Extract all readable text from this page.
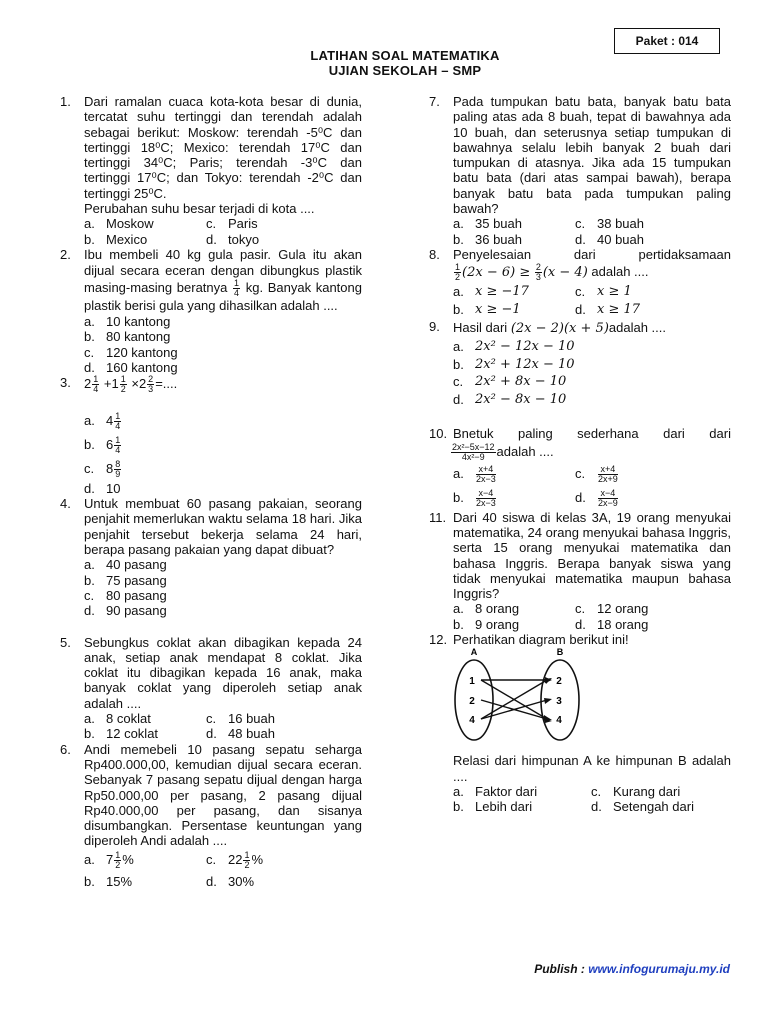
Paket : 014
LATIHAN SOAL MATEMATIKA
UJIAN SEKOLAH – SMP
1.	Dari ramalan cuaca kota-kota besar di dunia, tercatat suhu tertinggi dan terendah adalah sebagai berikut: Moskow: terendah -5⁰C dan tertinggi 18⁰C; Mexico: terendah 17⁰C dan tertinggi 34⁰C; Paris; terendah -3⁰C dan tertinggi 17⁰C; dan Tokyo: terendah -2⁰C dan tertinggi 25⁰C.

Perubahan suhu besar terjadi di kota ....

a. Moskow	c. Paris
b. Mexico	d. tokyo
2.	Ibu membeli 40 kg gula pasir. Gula itu akan dijual secara eceran dengan dibungkus plastik masing-masing beratnya $\frac{1}{4}$ kg. Banyak kantong plastik berisi gula yang dihasilkan adalah ....

a. 10 kantong
b. 80 kantong
c. 120 kantong
d. 160 kantong
3.	$2 \frac{1}{4} +1 \frac{1}{2} \times 2 \frac{2}{3}$ =....

a. $4 \frac{1}{4}$
b. $6 \frac{1}{4}$
c. $8 \frac{8}{9}$
d. 10
4.	Untuk membuat 60 pasang pakaian, seorang penjahit memerlukan waktu selama 18 hari. Jika penjahit tersebut bekerja selama 24 hari, berapa pasang pakaian yang dapat dibuat?

a. 40 pasang
b. 75 pasang
c. 80 pasang
d. 90 pasang
5.	Sebungkus coklat akan dibagikan kepada 24 anak, setiap anak mendapat 8 coklat. Jika coklat itu dibagikan kepada 16 anak, maka banyak coklat yang diperoleh setiap anak adalah ....

a. 8 coklat	c. 16 buah
b. 12 coklat	d. 48 buah
6.	Andi memebeli 10 pasang sepatu seharga Rp400.000,00, kemudian dijual secara eceran. Sebanyak 7 pasang sepatu dijual dengan harga Rp50.000,00 per pasang, 2 pasang dijual Rp40.000,00 per pasang, dan sisanya disumbangkan. Persentase keuntungan yang diperoleh Andi adalah ....

a. $7 \frac{1}{2}$ %	c. $22 \frac{1}{2}$ %
b. 15%	d. 30%
7.	Pada tumpukan batu bata, banyak batu bata paling atas ada 8 buah, tepat di bawahnya ada 10 buah, dan seterusnya setiap tumpukan di bawahnya selalu lebih banyak 2 buah dari tumpukan di atasnya. Jika ada 15 tumpukan batu bata (dari atas sampai bawah), berapa banyak batu bata pada tumpukan paling bawah?

a. 35 buah	c. 38 buah
b. 36 buah	d. 40 buah
8.	Penyelesaian dari pertidaksamaan

$\frac{1}{2} (2x - 6) \ge \frac{2}{3} (x - 4)$ adalah ....

a. x ≥ −17	c. x ≥ 1
b. x ≥ −1	d. x ≥ 17
9.	Hasil dari (2x − 2)(x + 5)adalah ....

a. 2x² − 12x − 10
b. 2x² + 12x − 10
c. 2x² + 8x − 10
d. 2x² − 8x − 10
10. Bnetuk paling sederhana dari dari

$\frac{\text{2x²−5x−12}}{\text{4x²−9}}$ adalah ....

a.	$\frac{x+4}{2x-3}$	c.	$\frac{x+4}{2x+9}$
b.	$\frac{x-4}{2x-3}$	d.	$\frac{x-4}{2x-9}$
11. Dari 40 siswa di kelas 3A, 19 orang menyukai matematika, 24 orang menyukai bahasa Inggris, serta 15 orang menyukai matematika dan bahasa Inggris. Berapa banyak siswa yang tidak menyukai matematika maupun bahasa Inggris?

a. 8 orang	c. 12 orang
b. 9 orang	d. 18 orang
12. Perhatikan diagram berikut ini!

A	B
1
2
4
2
3
4

Relasi dari himpunan A ke himpunan B adalah ....

a. Faktor dari	c. Kurang dari
b. Lebih dari	d. Setengah dari
Publish : www.infogurumaju.my.id
